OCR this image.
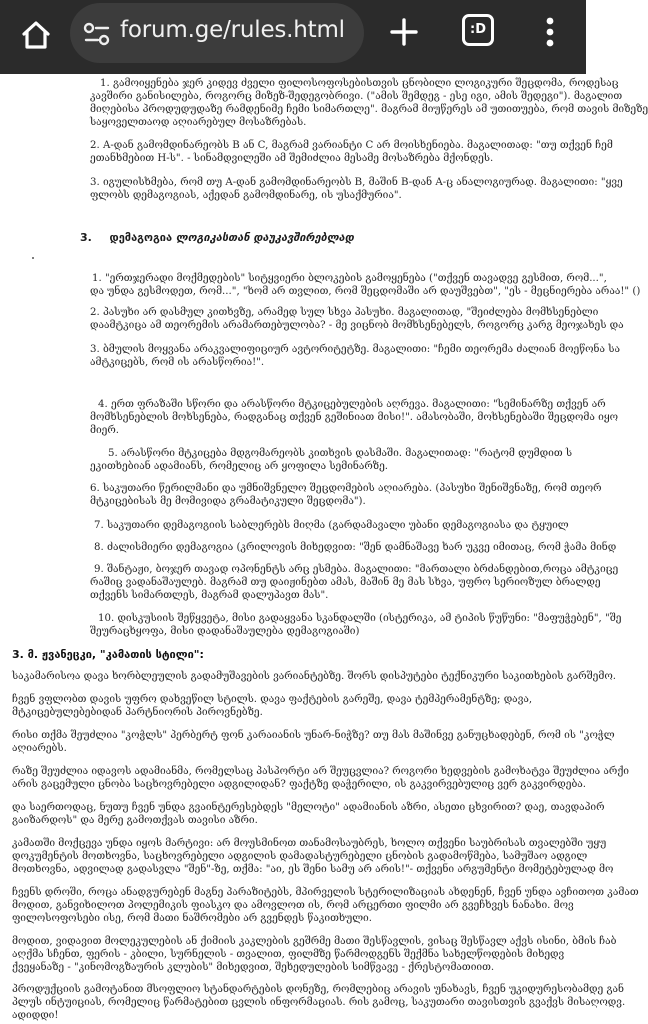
forum.ge/rules.html	:D
1. გამოიყენება ჯერ კიდევ ძველი ფილოსოფოსებისთვის ცნობილი ლოგიკური შეცდომა, როდესაც
კავშირი განისილება, როგორც მიზეზ-შედეგობრივი. ("ამის შემდეგ - ესე იგი, ამის შედეგი"). მაგალით
მიღებისა პროდუდუდაზე რამდენიმე ჩემი სიმართლე". მაგრამ მიუწერეს ამ უთითუება, რომ თავის მიზეზე
საყოველთაოდ აღიარებულ მოსაზრებას.
2. A-დან გამომდინარეობს B ან C, მაგრამ ვარიანტი C არ მოისხენიება. მაგალითად: "თუ თქვენ ჩემ
ეთანხმებით H-ს". - სინამდვილეში ამ შემიძლია მესამე მოსაზრება მქონდეს.
3. იგულისხმება, რომ თუ A-დან გამომდინარეობს B, მაშინ B-დან A-ც ანალოგიურად. მაგალითი: "ყვე
ფლობს დემაგოგიას, აქედან გამომდინარე, ის უსაქმურია".
3. დემაგოგია ლოგიკასთან დაუკავშირებლად
1. "ერთჯერადი მოქმედების" სიტყვიერი ბლოკების გამოყენება ("თქვენ თავადვე გესმით, რომ...",
და უნდა გესმოდეთ, რომ...", "ხომ არ თვლით, რომ შეცდომაში არ დაუშვებთ", "ეს - მეცნიერება არაა!" ()
2. პასუხი არ დასმულ კითხვზე, არამედ სულ სხვა პასუხი. მაგალითად, "შეიძლება მომხსენებლი
დაამტკიცა ამ თეორემის არამართებულობა? - მე ვიცნობ მომხსენებელს, როგორც კარგ მეოჯახეს და
3. ბმულის მოყვანა არაკვალიფიციურ ავტორიტეტზე. მაგალითი: "ჩემი თეორემა ძალიან მოეწონა სა
ამტკიცებს, რომ ის არასწორია!".
4. ერთ ფრაზაში სწორი და არასწორი მტკიცებულების აღრევა. მაგალითი: "სემინარზე თქვენ არ
მომხსენებლის მოხსენება, რადგანაც თქვენ გეშინიათ მისი!". ამასობაში, მოხსენებაში შეცდომა იყო
მიერ.
5. არასწორი მტკიცება მდგომარეობს კითხვის დასმაში. მაგალითად: "რატომ დუმდით ს
ეკითხებიან ადამიანს, რომელიც არ ყოფილა სემინარზე.
6. საკუთარი წერილმანი და უმნიშვნელო შეცდომების აღიარება. (პასუხი შენიშვნაზე, რომ თეორ
მტკიცებისას მე მომივიდა გრამატიკული შეცდომა").
7. საკუთარი დემაგოგიის საბლერებს მიღმა (გარდამავალი უბანი დემაგოგიასა და ტყუილ
8. ძალისმიერი დემაგოგია (კრილოვის მიხედვით: "შენ დამნაშავე ხარ უკვე იმითაც, რომ ჭამა მინდ
9. შანტაჟი, ბოჯერ თავად ოპონენტს არც ესმება. მაგალითი: "მართალი ბრძანდებით,როცა ამტკიცე
რაშიც ვადანაშაულებ. მაგრამ თუ დაიჟინებთ ამას, მაშინ მე მას სხვა, უფრო სერიოზულ ბრალდე
თქვენს სიმართლეს, მაგრამ დალუპავთ მას".
10. დისკუსიის შეწყვეტა, მისი გადაყვანა სკანდალში (ისტერიკა, ამ ტიპის წუწუნი: "მაფუჭებენ", "შე
შეურაცხყოფა, მისი დადანაშაულება დემაგოგიაში)
3. მ. ჟვანეცკი, "კამათის სტილი":
საკამარისოა დავა ხორბლეულის გადამუშავების ვარიანტებზე. შორს დისპუტები ტექნიკური საკითხების გარშემო.
ჩვენ ვფლობთ დავის უფრო დახვეწილ სტილს. დავა ფაქტების გარეშე, დავა ტემპერამენტზე; დავა,
მტკიცებულებებიდან პარტნიორის პიროვნებზე.
რისი თქმა შეუძლია "კოჭლს" პერბერტ ფონ კარაიანის უნარ-ნიჭზე? თუ მას მაშინვე განუცხადებენ, რომ ის "კოჭლ
აღიარებს.
რაზე შეუძლია იდავოს ადამიანმა, რომელსაც პასპორტი არ შეუცვლია? როგორი ხედვების გამოხატვა შეუძლია არქი
არის გაცემული ცნობა საცხოვრებელი ადგილიდან? ფაქტზე დაჭერილი, ის გაკვირვებულიც ვერ გაკვირდება.
და საერთოდაც, ნუთუ ჩვენ უნდა გვაინტერესებდეს "მელოტი" ადამიანის აზრი, ასეთი ცხვირით? დაე, თავდაპირ
გაიზარდოს" და მერე გამოთქვას თავისი აზრი.
კამათში მოქცევა უნდა იყოს მარტივი: არ მოუსმინოთ თანამოსაუბრეს, ხოლო თქვენი საუბრისას თვალებში უყუ
დოკუმენტის მოთხოვნა, საცხოვრებელი ადგილის დამადასტურებელი ცნობის გადამოწმება, სამუშაო ადგილ
მოთხოვნა, ადვილად გადასვლა "შენ"-ზე, თქმა: "აი, ეს შენი სამუ არ არის!"- თქვენი არგუმენტი მომეტებულად მო
ჩვენს დროში, როცა ანადგურებენ მაგნე პარაზიტებს, მპირველის სტერილიზაციას ახდენენ, ჩვენ უნდა ავჩითოთ კამათ
მოდით, განვიხილოთ პოლემიკის ფიასკო და ამოვლოთ ის, რომ არცერთი ფილმი არ გვეჩხვეს ნანახი. მოვ
ფილოსოფოსები ისე, რომ მათი ნაშრომები არ გვენდეს წაკითხული.
მოდით, ვიდავით მოლეკულების ან ქიმიის კაკლების გეშრმე მათი შესწავლის, ვისაც შესწავლ აქვს ისინი, ბმის ჩაბ
აღქმა სჩენთ, ფერის - კბილი, სურნელის - თვალით, ფილმზე წარმოდგენს შექმნა სახელწოდების მიხედვ
ქვეყანაზე - "კინომოგზაურის კლუბის" მიხედვით, შეხედულების სიმწვავე - ქრესტომათიით.
პროდუქციის გამოტანით მსოფლიო სტანდარტების დონეზე, რომლებიც არავის უნახავს, ჩვენ უკიდურესობამდე გან
პლუს ინტუიციას, რომელიც წარმატებით ცვლის ინფორმაციას. რის გამოც, საკუთარი თავისთვის გვაქვს მისაღოდვ.
ადიდდი!
